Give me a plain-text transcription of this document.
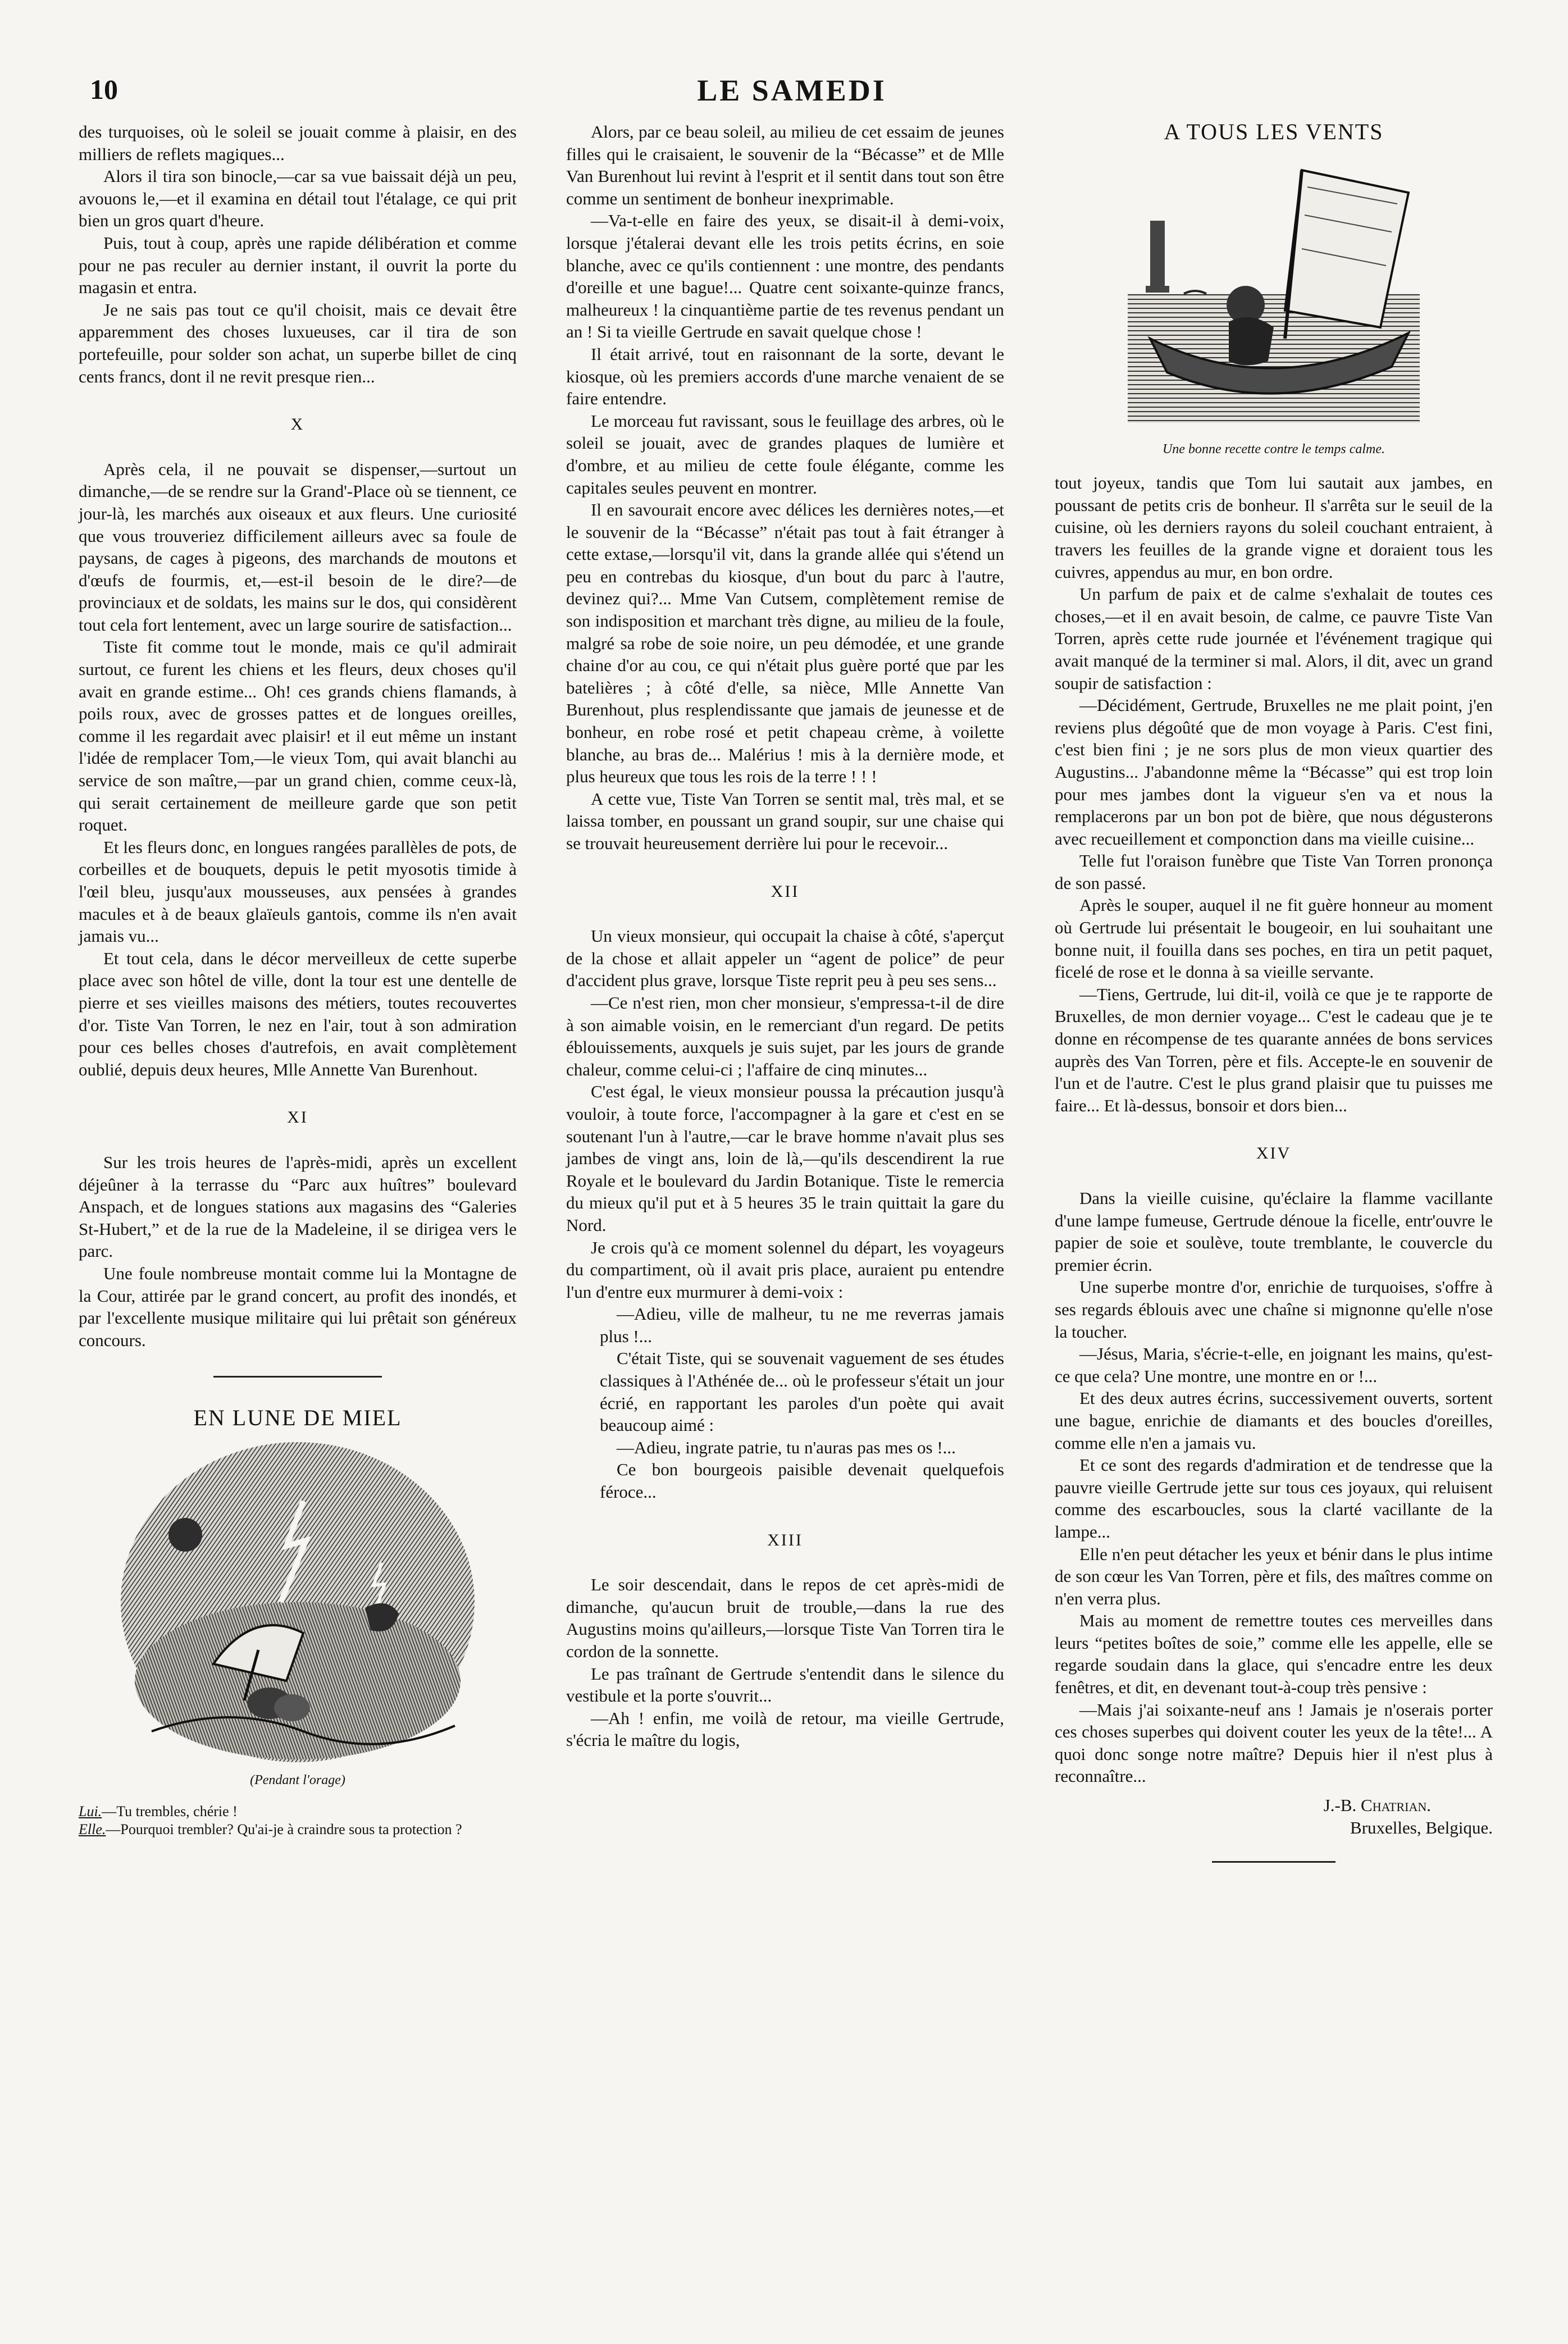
10	LE SAMEDI

des turquoises, où le soleil se jouait comme à plaisir, en des milliers de reflets magiques...

Alors il tira son binocle,—car sa vue baissait déjà un peu, avouons le,—et il examina en détail tout l'étalage, ce qui prit bien un gros quart d'heure.

Puis, tout à coup, après une rapide délibération et comme pour ne pas reculer au dernier instant, il ouvrit la porte du magasin et entra.

Je ne sais pas tout ce qu'il choisit, mais ce devait être apparemment des choses luxueuses, car il tira de son portefeuille, pour solder son achat, un superbe billet de cinq cents francs, dont il ne revit presque rien...

X

Après cela, il ne pouvait se dispenser,—surtout un dimanche,—de se rendre sur la Grand'-Place où se tiennent, ce jour-là, les marchés aux oiseaux et aux fleurs. Une curiosité que vous trouveriez difficilement ailleurs avec sa foule de paysans, de cages à pigeons, des marchands de moutons et d'œufs de fourmis, et,—est-il besoin de le dire?—de provinciaux et de soldats, les mains sur le dos, qui considèrent tout cela fort lentement, avec un large sourire de satisfaction...

Tiste fit comme tout le monde, mais ce qu'il admirait surtout, ce furent les chiens et les fleurs, deux choses qu'il avait en grande estime... Oh! ces grands chiens flamands, à poils roux, avec de grosses pattes et de longues oreilles, comme il les regardait avec plaisir! et il eut même un instant l'idée de remplacer Tom,—le vieux Tom, qui avait blanchi au service de son maître,—par un grand chien, comme ceux-là, qui serait certainement de meilleure garde que son petit roquet.

Et les fleurs donc, en longues rangées parallèles de pots, de corbeilles et de bouquets, depuis le petit myosotis timide à l'œil bleu, jusqu'aux mousseuses, aux pensées à grandes macules et à de beaux glaïeuls gantois, comme ils n'en avait jamais vu...

Et tout cela, dans le décor merveilleux de cette superbe place avec son hôtel de ville, dont la tour est une dentelle de pierre et ses vieilles maisons des métiers, toutes recouvertes d'or. Tiste Van Torren, le nez en l'air, tout à son admiration pour ces belles choses d'autrefois, en avait complètement oublié, depuis deux heures, Mlle Annette Van Burenhout.

XI

Sur les trois heures de l'après-midi, après un excellent déjeûner à la terrasse du “Parc aux huîtres” boulevard Anspach, et de longues stations aux magasins des “Galeries St-Hubert,” et de la rue de la Madeleine, il se dirigea vers le parc.

Une foule nombreuse montait comme lui la Montagne de la Cour, attirée par le grand concert, au profit des inondés, et par l'excellente musique militaire qui lui prêtait son généreux concours.

EN LUNE DE MIEL
(Pendant l'orage)

Lui.—Tu trembles, chérie !

Elle.—Pourquoi trembler? Qu'ai-je à craindre sous ta protection ?

Alors, par ce beau soleil, au milieu de cet essaim de jeunes filles qui le craisaient, le souvenir de la “Bécasse” et de Mlle Van Burenhout lui revint à l'esprit et il sentit dans tout son être comme un sentiment de bonheur inexprimable.

—Va-t-elle en faire des yeux, se disait-il à demi-voix, lorsque j'étalerai devant elle les trois petits écrins, en soie blanche, avec ce qu'ils contiennent : une montre, des pendants d'oreille et une bague!... Quatre cent soixante-quinze francs, malheureux ! la cinquantième partie de tes revenus pendant un an ! Si ta vieille Gertrude en savait quelque chose !

Il était arrivé, tout en raisonnant de la sorte, devant le kiosque, où les premiers accords d'une marche venaient de se faire entendre.

Le morceau fut ravissant, sous le feuillage des arbres, où le soleil se jouait, avec de grandes plaques de lumière et d'ombre, et au milieu de cette foule élégante, comme les capitales seules peuvent en montrer.

Il en savourait encore avec délices les dernières notes,—et le souvenir de la “Bécasse” n'était pas tout à fait étranger à cette extase,—lorsqu'il vit, dans la grande allée qui s'étend un peu en contrebas du kiosque, d'un bout du parc à l'autre, devinez qui?... Mme Van Cutsem, complètement remise de son indisposition et marchant très digne, au milieu de la foule, malgré sa robe de soie noire, un peu démodée, et une grande chaine d'or au cou, ce qui n'était plus guère porté que par les batelières ; à côté d'elle, sa nièce, Mlle Annette Van Burenhout, plus resplendissante que jamais de jeunesse et de bonheur, en robe rosé et petit chapeau crème, à voilette blanche, au bras de... Malérius ! mis à la dernière mode, et plus heureux que tous les rois de la terre ! ! !

A cette vue, Tiste Van Torren se sentit mal, très mal, et se laissa tomber, en poussant un grand soupir, sur une chaise qui se trouvait heureusement derrière lui pour le recevoir...

XII

Un vieux monsieur, qui occupait la chaise à côté, s'aperçut de la chose et allait appeler un “agent de police” de peur d'accident plus grave, lorsque Tiste reprit peu à peu ses sens...

—Ce n'est rien, mon cher monsieur, s'empressa-t-il de dire à son aimable voisin, en le remerciant d'un regard. De petits éblouissements, auxquels je suis sujet, par les jours de grande chaleur, comme celui-ci ; l'affaire de cinq minutes...

C'est égal, le vieux monsieur poussa la précaution jusqu'à vouloir, à toute force, l'accompagner à la gare et c'est en se soutenant l'un à l'autre,—car le brave homme n'avait plus ses jambes de vingt ans, loin de là,—qu'ils descendirent la rue Royale et le boulevard du Jardin Botanique. Tiste le remercia du mieux qu'il put et à 5 heures 35 le train quittait la gare du Nord.

Je crois qu'à ce moment solennel du départ, les voyageurs du compartiment, où il avait pris place, auraient pu entendre l'un d'entre eux murmurer à demi-voix :

—Adieu, ville de malheur, tu ne me reverras jamais plus !...

C'était Tiste, qui se souvenait vaguement de ses études classiques à l'Athénée de... où le professeur s'était un jour écrié, en rapportant les paroles d'un poète qui avait beaucoup aimé :

—Adieu, ingrate patrie, tu n'auras pas mes os !...

Ce bon bourgeois paisible devenait quelquefois féroce...

XIII

Le soir descendait, dans le repos de cet après-midi de dimanche, qu'aucun bruit de trouble,—dans la rue des Augustins moins qu'ailleurs,—lorsque Tiste Van Torren tira le cordon de la sonnette.

Le pas traînant de Gertrude s'entendit dans le silence du vestibule et la porte s'ouvrit...

—Ah ! enfin, me voilà de retour, ma vieille Gertrude, s'écria le maître du logis,

A TOUS LES VENTS
Une bonne recette contre le temps calme.

tout joyeux, tandis que Tom lui sautait aux jambes, en poussant de petits cris de bonheur. Il s'arrêta sur le seuil de la cuisine, où les derniers rayons du soleil couchant entraient, à travers les feuilles de la grande vigne et doraient tous les cuivres, appendus au mur, en bon ordre.

Un parfum de paix et de calme s'exhalait de toutes ces choses,—et il en avait besoin, de calme, ce pauvre Tiste Van Torren, après cette rude journée et l'événement tragique qui avait manqué de la terminer si mal. Alors, il dit, avec un grand soupir de satisfaction :

—Décidément, Gertrude, Bruxelles ne me plait point, j'en reviens plus dégoûté que de mon voyage à Paris. C'est fini, c'est bien fini ; je ne sors plus de mon vieux quartier des Augustins... J'abandonne même la “Bécasse” qui est trop loin pour mes jambes dont la vigueur s'en va et nous la remplacerons par un bon pot de bière, que nous dégusterons avec recueillement et componction dans ma vieille cuisine...

Telle fut l'oraison funèbre que Tiste Van Torren prononça de son passé.

Après le souper, auquel il ne fit guère honneur au moment où Gertrude lui présentait le bougeoir, en lui souhaitant une bonne nuit, il fouilla dans ses poches, en tira un petit paquet, ficelé de rose et le donna à sa vieille servante.

—Tiens, Gertrude, lui dit-il, voilà ce que je te rapporte de Bruxelles, de mon dernier voyage... C'est le cadeau que je te donne en récompense de tes quarante années de bons services auprès des Van Torren, père et fils. Accepte-le en souvenir de l'un et de l'autre. C'est le plus grand plaisir que tu puisses me faire... Et là-dessus, bonsoir et dors bien...

XIV

Dans la vieille cuisine, qu'éclaire la flamme vacillante d'une lampe fumeuse, Gertrude dénoue la ficelle, entr'ouvre le papier de soie et soulève, toute tremblante, le couvercle du premier écrin.

Une superbe montre d'or, enrichie de turquoises, s'offre à ses regards éblouis avec une chaîne si mignonne qu'elle n'ose la toucher.

—Jésus, Maria, s'écrie-t-elle, en joignant les mains, qu'est-ce que cela? Une montre, une montre en or !...

Et des deux autres écrins, successivement ouverts, sortent une bague, enrichie de diamants et des boucles d'oreilles, comme elle n'en a jamais vu.

Et ce sont des regards d'admiration et de tendresse que la pauvre vieille Gertrude jette sur tous ces joyaux, qui reluisent comme des escarboucles, sous la clarté vacillante de la lampe...

Elle n'en peut détacher les yeux et bénir dans le plus intime de son cœur les Van Torren, père et fils, des maîtres comme on n'en verra plus.

Mais au moment de remettre toutes ces merveilles dans leurs “petites boîtes de soie,” comme elle les appelle, elle se regarde soudain dans la glace, qui s'encadre entre les deux fenêtres, et dit, en devenant tout-à-coup très pensive :

—Mais j'ai soixante-neuf ans ! Jamais je n'oserais porter ces choses superbes qui doivent couter les yeux de la tête!... A quoi donc songe notre maître? Depuis hier il n'est plus à reconnaître...

J.-B. Chatrian.
Bruxelles, Belgique.
